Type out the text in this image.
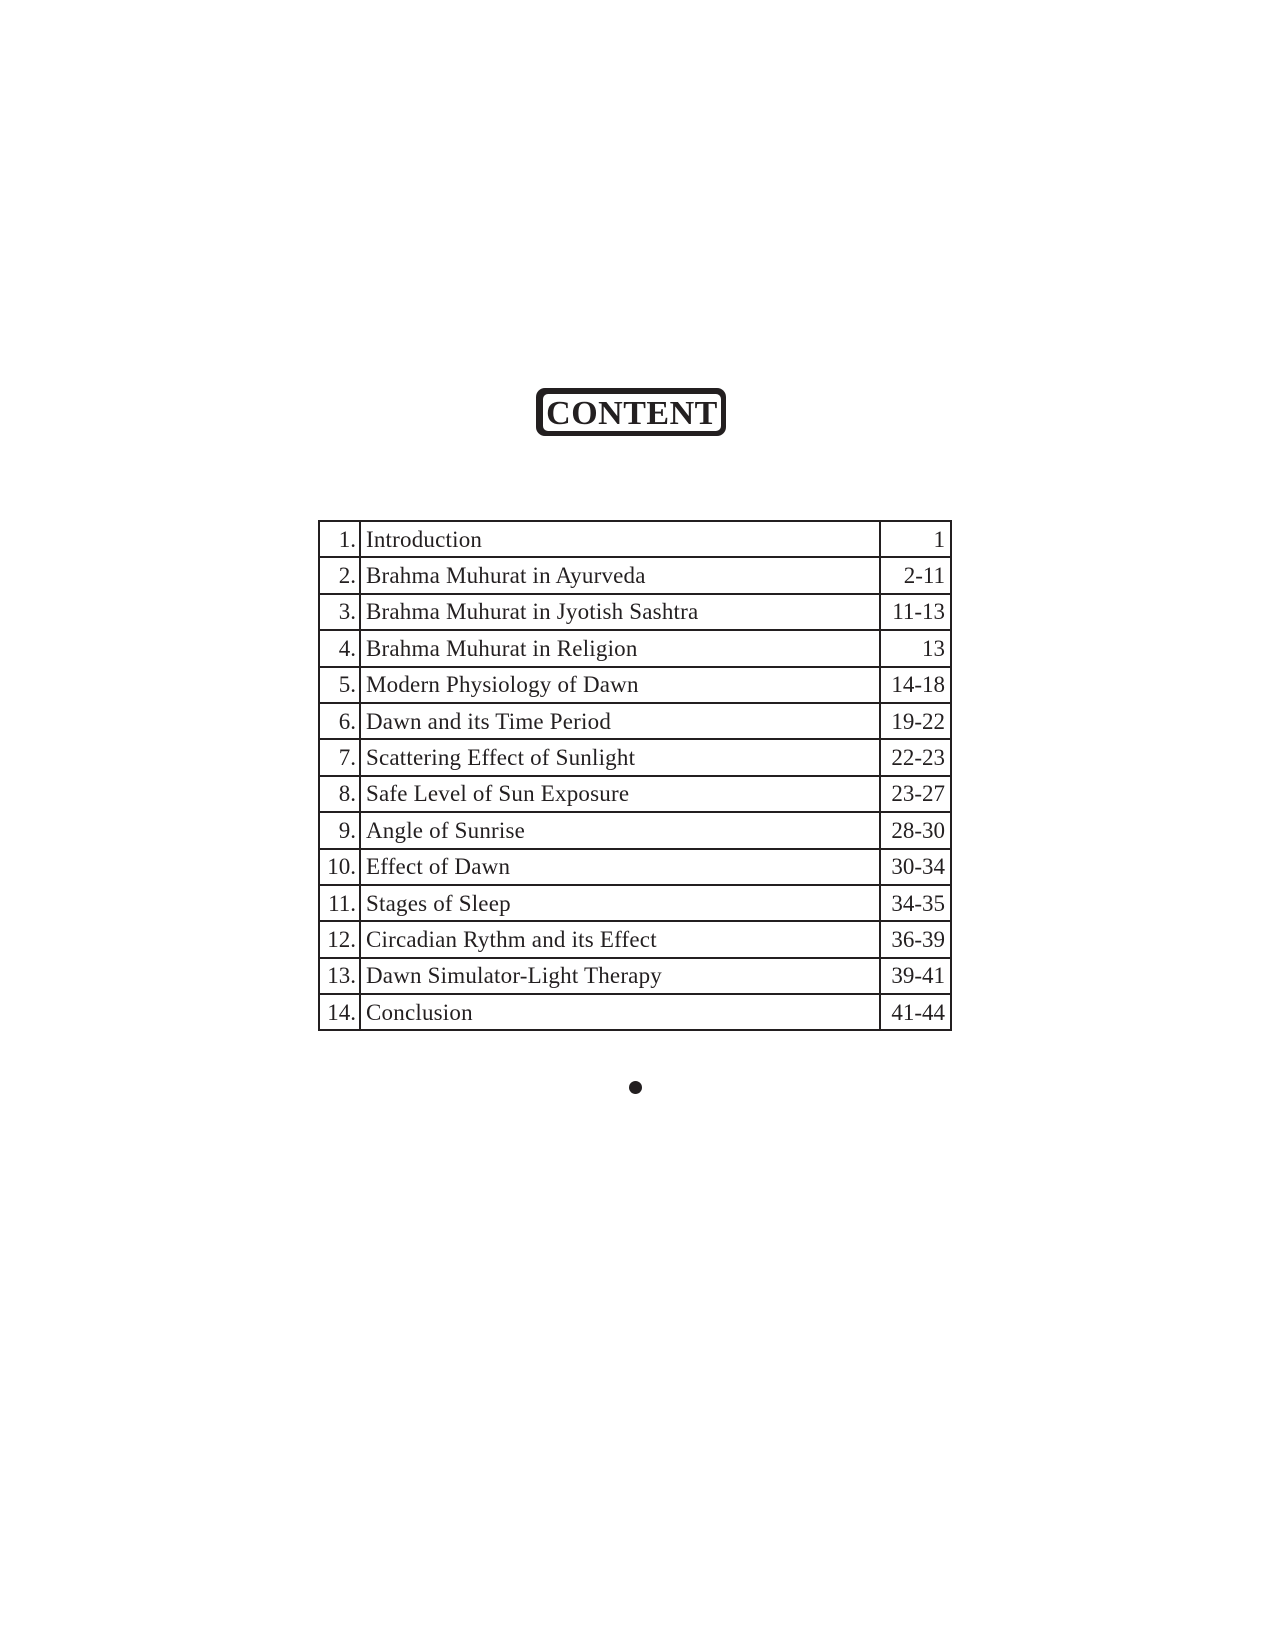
CONTENT
1.	Introduction	1
2.	Brahma Muhurat in Ayurveda	2-11
3.	Brahma Muhurat in Jyotish Sashtra	11-13
4.	Brahma Muhurat in Religion	13
5.	Modern Physiology of Dawn	14-18
6.	Dawn and its Time Period	19-22
7.	Scattering Effect of Sunlight	22-23
8.	Safe Level of Sun Exposure	23-27
9.	Angle of Sunrise	28-30
10.	Effect of Dawn	30-34
11.	Stages of Sleep	34-35
12.	Circadian Rythm and its Effect	36-39
13.	Dawn Simulator-Light Therapy	39-41
14.	Conclusion	41-44
